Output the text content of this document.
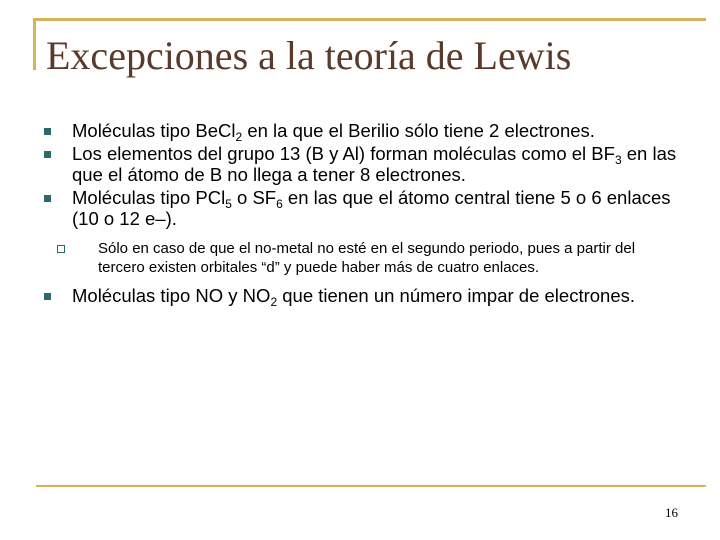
Excepciones a la teoría de Lewis
Moléculas tipo BeCl$_2$ en la que el Berilio sólo tiene 2 electrones.
Los elementos del grupo 13 (B y Al) forman moléculas como el $BF_3$ en las que el átomo de B no llega a tener 8 electrones.
Moléculas tipo PCl$_5$ o $SF_6$ en las que el átomo central tiene 5 o 6 enlaces (10 o 12 e–).
Sólo en caso de que el no-metal no esté en el segundo periodo, pues a partir del tercero existen orbitales “d” y puede haber más de cuatro enlaces.
Moléculas tipo NO y $NO_2$ que tienen un número impar de electrones.
16
